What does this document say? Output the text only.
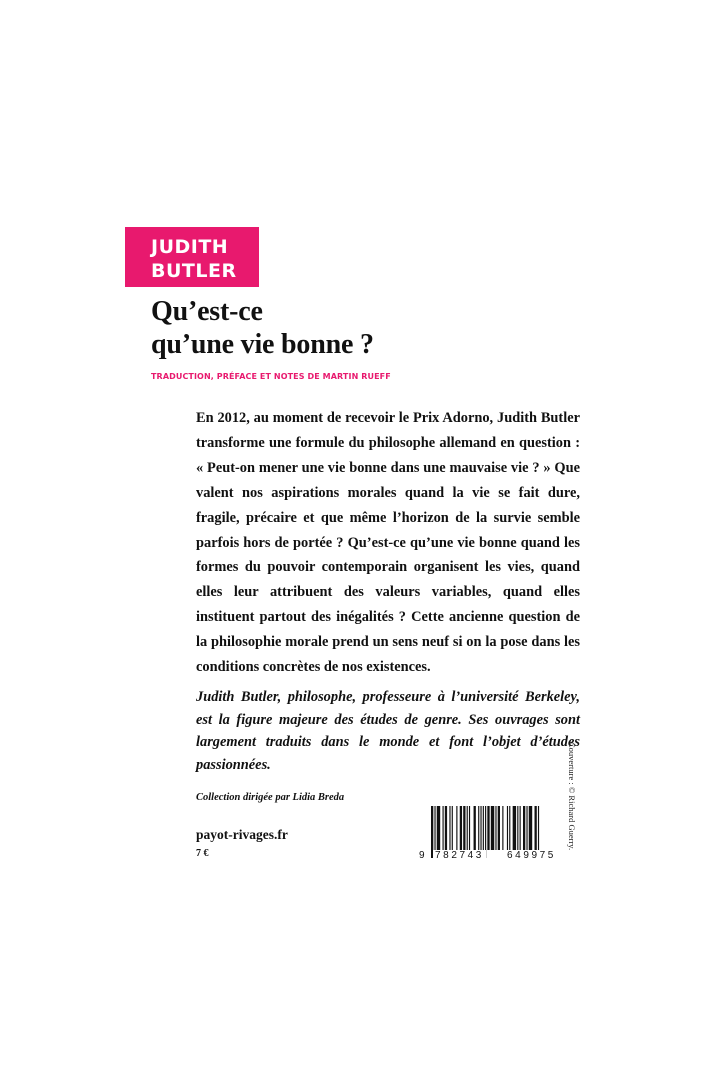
JUDITH
BUTLER
Qu’est-ce
qu’une vie bonne ?
TRADUCTION, PRÉFACE ET NOTES DE MARTIN RUEFF

En 2012, au moment de recevoir le Prix Adorno, Judith Butler transforme une formule du philosophe allemand en question : « Peut-on mener une vie bonne dans une mauvaise vie ? » Que valent nos aspirations morales quand la vie se fait dure, fragile, précaire et que même l’horizon de la survie semble parfois hors de portée ? Qu’est-ce qu’une vie bonne quand les formes du pouvoir contemporain organisent les vies, quand elles leur attribuent des valeurs variables, quand elles instituent partout des inégalités ? Cette ancienne question de la philosophie morale prend un sens neuf si on la pose dans les conditions concrètes de nos existences.

Judith Butler, philosophe, professeure à l’université Berkeley, est la figure majeure des études de genre. Ses ouvrages sont largement traduits dans le monde et font l’objet d’études passionnées.

Collection dirigée par Lidia Breda
payot-rivages.fr
7 €	9 782743 649975
Couverture : © Richard Guerry.
